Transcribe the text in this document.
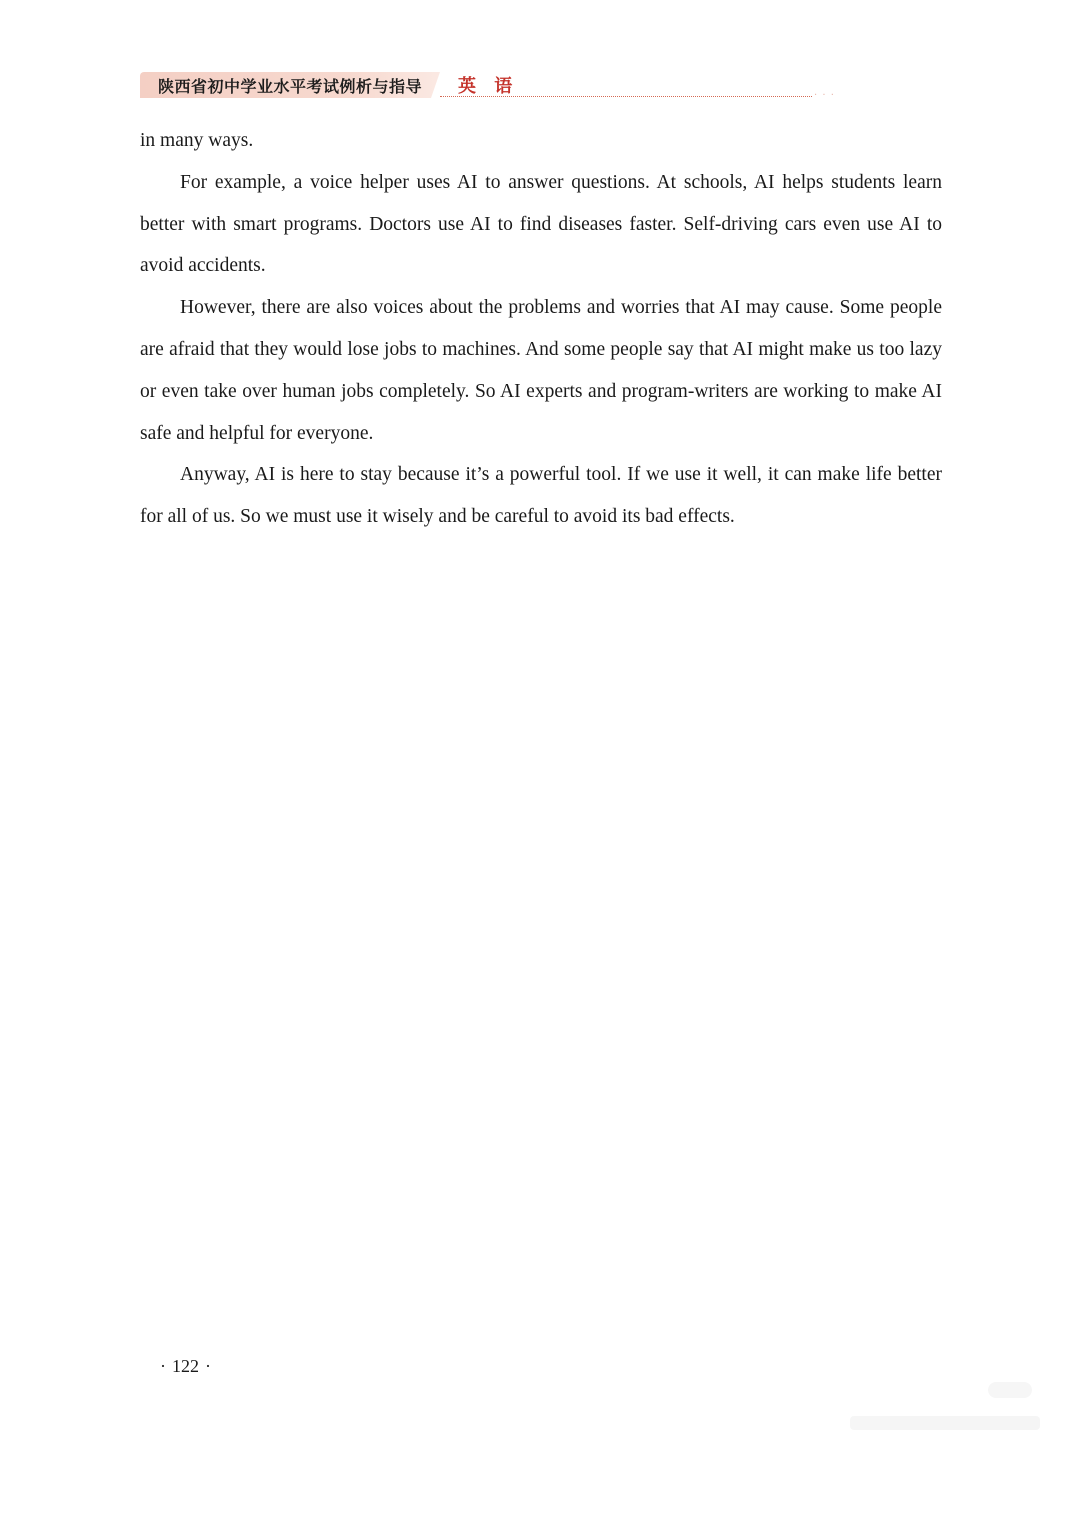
陕西省初中学业水平考试例析与指导 英 语	· · ·

in many ways.

For example, a voice helper uses AI to answer questions. At schools, AI helps students learn better with smart programs. Doctors use AI to find diseases faster. Self-driving cars even use AI to avoid accidents.

However, there are also voices about the problems and worries that AI may cause. Some people are afraid that they would lose jobs to machines. And some people say that AI might make us too lazy or even take over human jobs completely. So AI experts and program-writers are working to make AI safe and helpful for everyone.

Anyway, AI is here to stay because it’s a powerful tool. If we use it well, it can make life better for all of us. So we must use it wisely and be careful to avoid its bad effects.

· 122 ·
